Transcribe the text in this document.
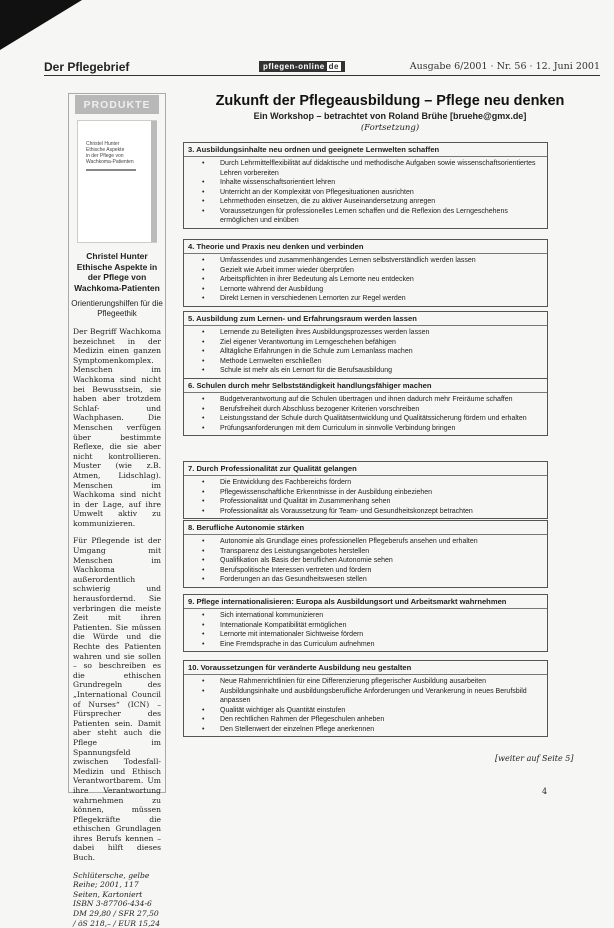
Der Pflegebrief	pflegen-online de	Ausgabe 6/2001 · Nr. 56 · 12. Juni 2001
PRODUKTE
Christel Hunter
Ethische Aspekte
in der Pflege von
Wachkoma-Patienten
Christel Hunter Ethische Aspekte in der Pflege von Wachkoma-Patienten
Orientierungshilfen für die Pflegeethik

Der Begriff Wachkoma bezeichnet in der Medizin einen ganzen Symptomenkomplex. Menschen im Wachkoma sind nicht bei Bewusstsein, sie haben aber trotzdem Schlaf- und Wachphasen. Die Menschen verfügen über bestimmte Reflexe, die sie aber nicht kontrollieren. Muster (wie z.B. Atmen, Lidschlag). Menschen im Wachkoma sind nicht in der Lage, auf ihre Umwelt aktiv zu kommunizieren.

Für Pflegende ist der Umgang mit Menschen im Wachkoma außerordentlich schwierig und herausfordernd. Sie verbringen die meiste Zeit mit ihren Patienten. Sie müssen die Würde und die Rechte des Patienten wahren und sie sollen – so beschreiben es die ethischen Grundregeln des „International Council of Nurses“ (ICN) – Fürsprecher des Patienten sein. Damit aber steht auch die Pflege im Spannungsfeld zwischen Todesfall-Medizin und Ethisch Verantwortbarem. Um ihre Verantwortung wahrnehmen zu können, müssen Pflegekräfte die ethischen Grundlagen ihres Berufs kennen – dabei hilft dieses Buch.

Schlütersche, gelbe Reihe; 2001, 117 Seiten, Kartoniert ISBN 3-87706-434-6 DM 29,80 / SFR 27,50 / öS 218,– / EUR 15,24

Zukunft der Pflegeausbildung – Pflege neu denken
Ein Workshop – betrachtet von Roland Brühe [bruehe@gmx.de]
(Fortsetzung)
3. Ausbildungsinhalte neu ordnen und geeignete Lernwelten schaffen
• Durch Lehrmittelflexibilität auf didaktische und methodische Aufgaben sowie wissenschaftsorientiertes Lehren vorbereiten
• Inhalte wissenschaftsorientiert lehren
• Unterricht an der Komplexität von Pflegesituationen ausrichten
• Lehrmethoden einsetzen, die zu aktiver Auseinandersetzung anregen
• Voraussetzungen für professionelles Lernen schaffen und die Reflexion des Lerngeschehens ermöglichen und einüben
4. Theorie und Praxis neu denken und verbinden
• Umfassendes und zusammenhängendes Lernen selbstverständlich werden lassen
• Gezielt wie Arbeit immer wieder überprüfen
• Arbeitspflichten in ihrer Bedeutung als Lernorte neu entdecken
• Lernorte während der Ausbildung
• Direkt Lernen in verschiedenen Lernorten zur Regel werden
5. Ausbildung zum Lernen- und Erfahrungsraum werden lassen
• Lernende zu Beteiligten ihres Ausbildungsprozesses werden lassen
• Ziel eigener Verantwortung im Lerngeschehen befähigen
• Alltägliche Erfahrungen in die Schule zum Lernanlass machen
• Methode Lernwelten erschließen
• Schule ist mehr als ein Lernort für die Berufsausbildung
6. Schulen durch mehr Selbstständigkeit handlungsfähiger machen
• Budgetverantwortung auf die Schulen übertragen und ihnen dadurch mehr Freiräume schaffen
• Berufsfreiheit durch Abschluss bezogener Kriterien vorschreiben
• Leistungsstand der Schule durch Qualitätsentwicklung und Qualitätssicherung fördern und erhalten
• Prüfungsanforderungen mit dem Curriculum in sinnvolle Verbindung bringen
7. Durch Professionalität zur Qualität gelangen
• Die Entwicklung des Fachbereichs fördern
• Pflegewissenschaftliche Erkenntnisse in der Ausbildung einbeziehen
• Professionalität und Qualität im Zusammenhang sehen
• Professionalität als Voraussetzung für Team- und Gesundheitskonzept betrachten
8. Berufliche Autonomie stärken
• Autonomie als Grundlage eines professionellen Pflegeberufs ansehen und erhalten
• Transparenz des Leistungsangebotes herstellen
• Qualifikation als Basis der beruflichen Autonomie sehen
• Berufspolitische Interessen vertreten und fördern
• Forderungen an das Gesundheitswesen stellen
9. Pflege internationalisieren: Europa als Ausbildungsort und Arbeitsmarkt wahrnehmen
• Sich international kommunizieren
• Internationale Kompatibilität ermöglichen
• Lernorte mit internationaler Sichtweise fördern
• Eine Fremdsprache in das Curriculum aufnehmen
10. Voraussetzungen für veränderte Ausbildung neu gestalten
• Neue Rahmenrichtlinien für eine Differenzierung pflegerischer Ausbildung ausarbeiten
• Ausbildungsinhalte und ausbildungsberufliche Anforderungen und Verankerung in neues Berufsbild anpassen
• Qualität wichtiger als Quantität einstufen
• Den rechtlichen Rahmen der Pflegeschulen anheben
• Den Stellenwert der einzelnen Pflege anerkennen
[weiter auf Seite 5]
4
